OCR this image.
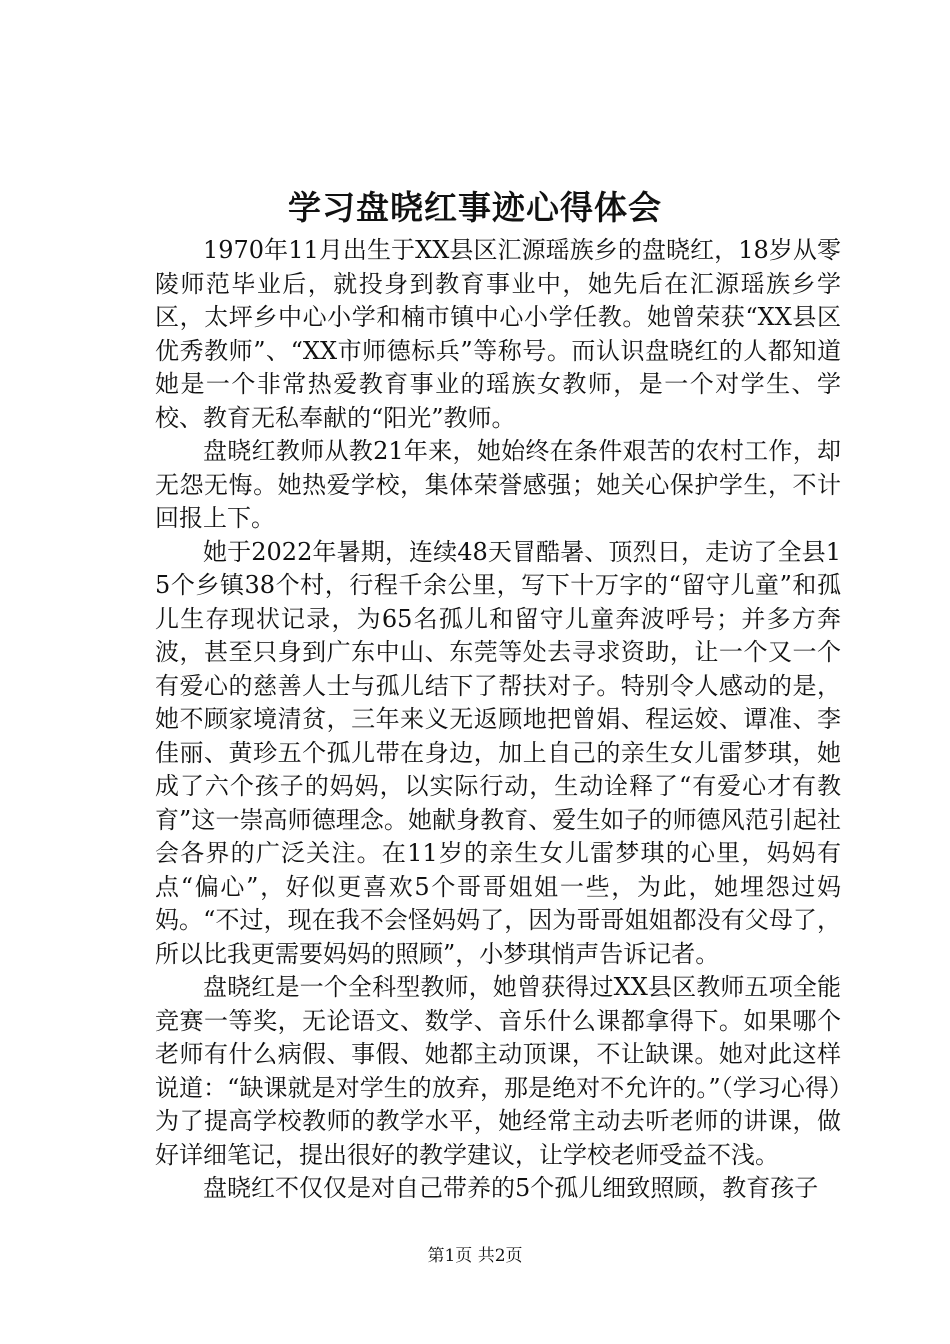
学习盘晓红事迹心得体会

1970年11月出生于XX县区汇源瑶族乡的盘晓红，18岁从零陵师范毕业后，就投身到教育事业中，她先后在汇源瑶族乡学区，太坪乡中心小学和楠市镇中心小学任教。她曾荣获“XX县区优秀教师”、“XX市师德标兵”等称号。而认识盘晓红的人都知道她是一个非常热爱教育事业的瑶族女教师，是一个对学生、学校、教育无私奉献的“阳光”教师。

盘晓红教师从教21年来，她始终在条件艰苦的农村工作，却无怨无悔。她热爱学校，集体荣誉感强；她关心保护学生，不计回报上下。

她于2022年暑期，连续48天冒酷暑、顶烈日，走访了全县15个乡镇38个村，行程千余公里，写下十万字的“留守儿童”和孤儿生存现状记录，为65名孤儿和留守儿童奔波呼号；并多方奔波，甚至只身到广东中山、东莞等处去寻求资助，让一个又一个有爱心的慈善人士与孤儿结下了帮扶对子。特别令人感动的是，她不顾家境清贫，三年来义无返顾地把曾娟、程运姣、谭准、李佳丽、黄珍五个孤儿带在身边，加上自己的亲生女儿雷梦琪，她成了六个孩子的妈妈，以实际行动，生动诠释了“有爱心才有教育”这一崇高师德理念。她献身教育、爱生如子的师德风范引起社会各界的广泛关注。在11岁的亲生女儿雷梦琪的心里，妈妈有点“偏心”，好似更喜欢5个哥哥姐姐一些，为此，她埋怨过妈妈。“不过，现在我不会怪妈妈了，因为哥哥姐姐都没有父母了，所以比我更需要妈妈的照顾”，小梦琪悄声告诉记者。

盘晓红是一个全科型教师，她曾获得过XX县区教师五项全能竞赛一等奖，无论语文、数学、音乐什么课都拿得下。如果哪个老师有什么病假、事假、她都主动顶课，不让缺课。她对此这样说道：“缺课就是对学生的放弃，那是绝对不允许的。”（学习心得）为了提高学校教师的教学水平，她经常主动去听老师的讲课，做好详细笔记，提出很好的教学建议，让学校老师受益不浅。

盘晓红不仅仅是对自己带养的5个孤儿细致照顾，教育孩子

第1页 共2页
